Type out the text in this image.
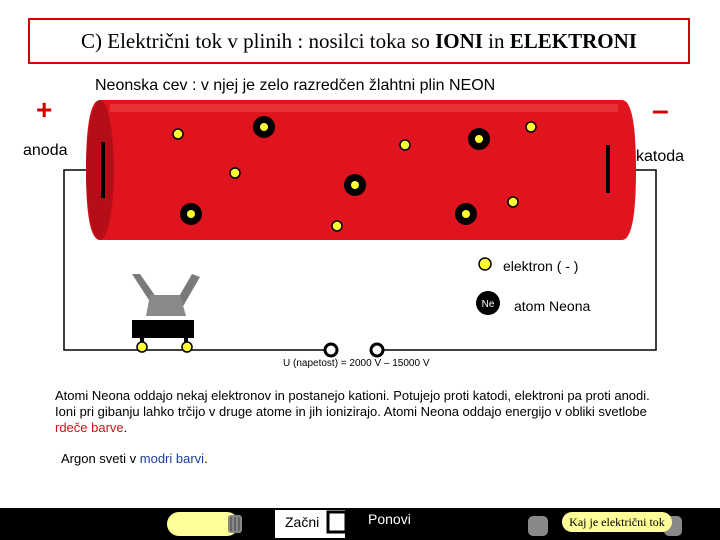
C) Električni tok v plinih : nosilci toka so IONI in ELEKTRONI
Ne
Neonska cev : v njej je zelo razredčen žlahtni plin NEON
+	–
anoda	katoda
elektron ( - )
atom Neona
U (napetost) = 2000 V – 15000 V
Atomi Neona oddajo nekaj elektronov in postanejo kationi. Potujejo proti katodi, elektroni pa proti anodi. Ioni pri gibanju lahko trčijo v druge atome in jih ionizirajo. Atomi Neona oddajo energijo v obliki svetlobe rdeče barve.
Argon sveti v modri barvi.
Začni	Ponovi	Kaj je električni tok
